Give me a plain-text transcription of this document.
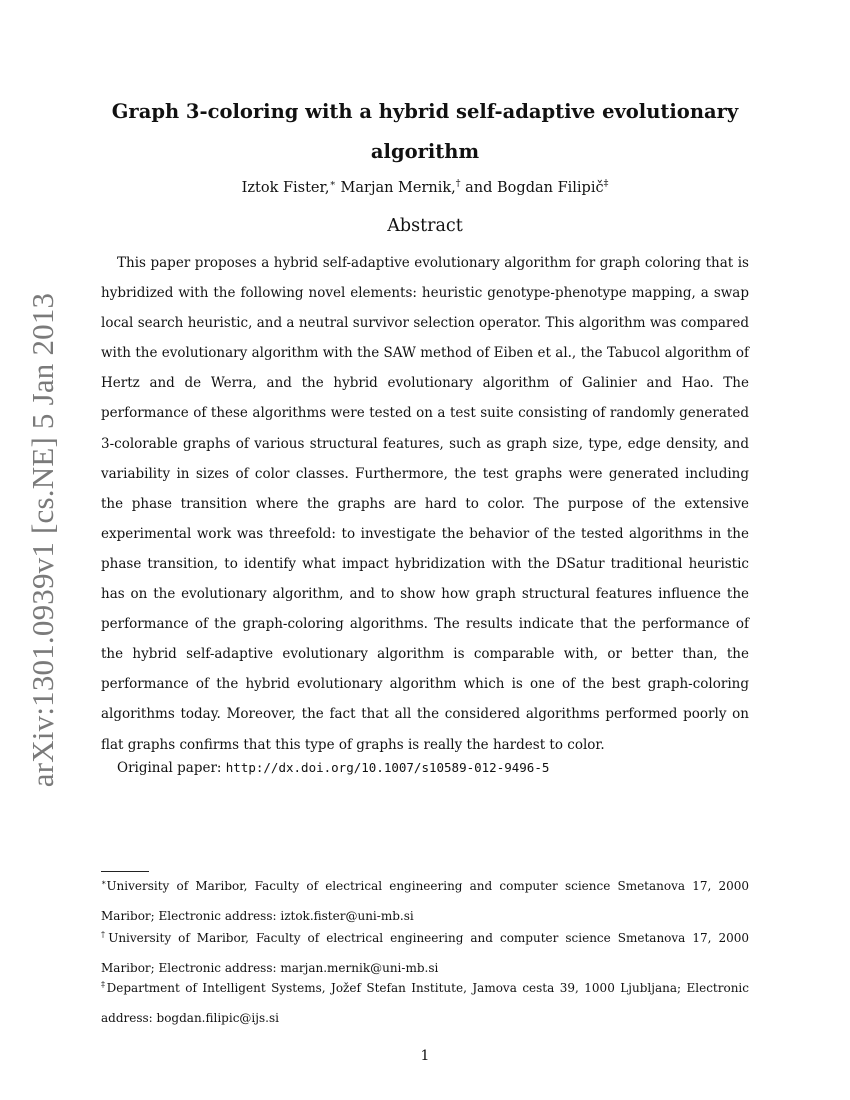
arXiv:1301.0939v1 [cs.NE] 5 Jan 2013
Graph 3-coloring with a hybrid self-adaptive evolutionary algorithm
Iztok Fister,∗ Marjan Mernik,† and Bogdan Filipič‡
Abstract

This paper proposes a hybrid self-adaptive evolutionary algorithm for graph coloring that is hybridized with the following novel elements: heuristic genotype-phenotype mapping, a swap local search heuristic, and a neutral survivor selection operator. This algorithm was compared with the evolutionary algorithm with the SAW method of Eiben et al., the Tabucol algorithm of Hertz and de Werra, and the hybrid evolutionary algorithm of Galinier and Hao. The performance of these algorithms were tested on a test suite consisting of randomly generated 3-colorable graphs of various structural features, such as graph size, type, edge density, and variability in sizes of color classes. Furthermore, the test graphs were generated including the phase transition where the graphs are hard to color. The purpose of the extensive experimental work was threefold: to investigate the behavior of the tested algorithms in the phase transition, to identify what impact hybridization with the DSatur traditional heuristic has on the evolutionary algorithm, and to show how graph structural features influence the performance of the graph-coloring algorithms. The results indicate that the performance of the hybrid self-adaptive evolutionary algorithm is comparable with, or better than, the performance of the hybrid evolutionary algorithm which is one of the best graph-coloring algorithms today. Moreover, the fact that all the considered algorithms performed poorly on flat graphs confirms that this type of graphs is really the hardest to color.

Original paper: http://dx.doi.org/10.1007/s10589-012-9496-5

∗University of Maribor, Faculty of electrical engineering and computer science Smetanova 17, 2000 Maribor; Electronic address: iztok.fister@uni-mb.si

†University of Maribor, Faculty of electrical engineering and computer science Smetanova 17, 2000 Maribor; Electronic address: marjan.mernik@uni-mb.si

‡Department of Intelligent Systems, Jožef Stefan Institute, Jamova cesta 39, 1000 Ljubljana; Electronic address: bogdan.filipic@ijs.si

1
